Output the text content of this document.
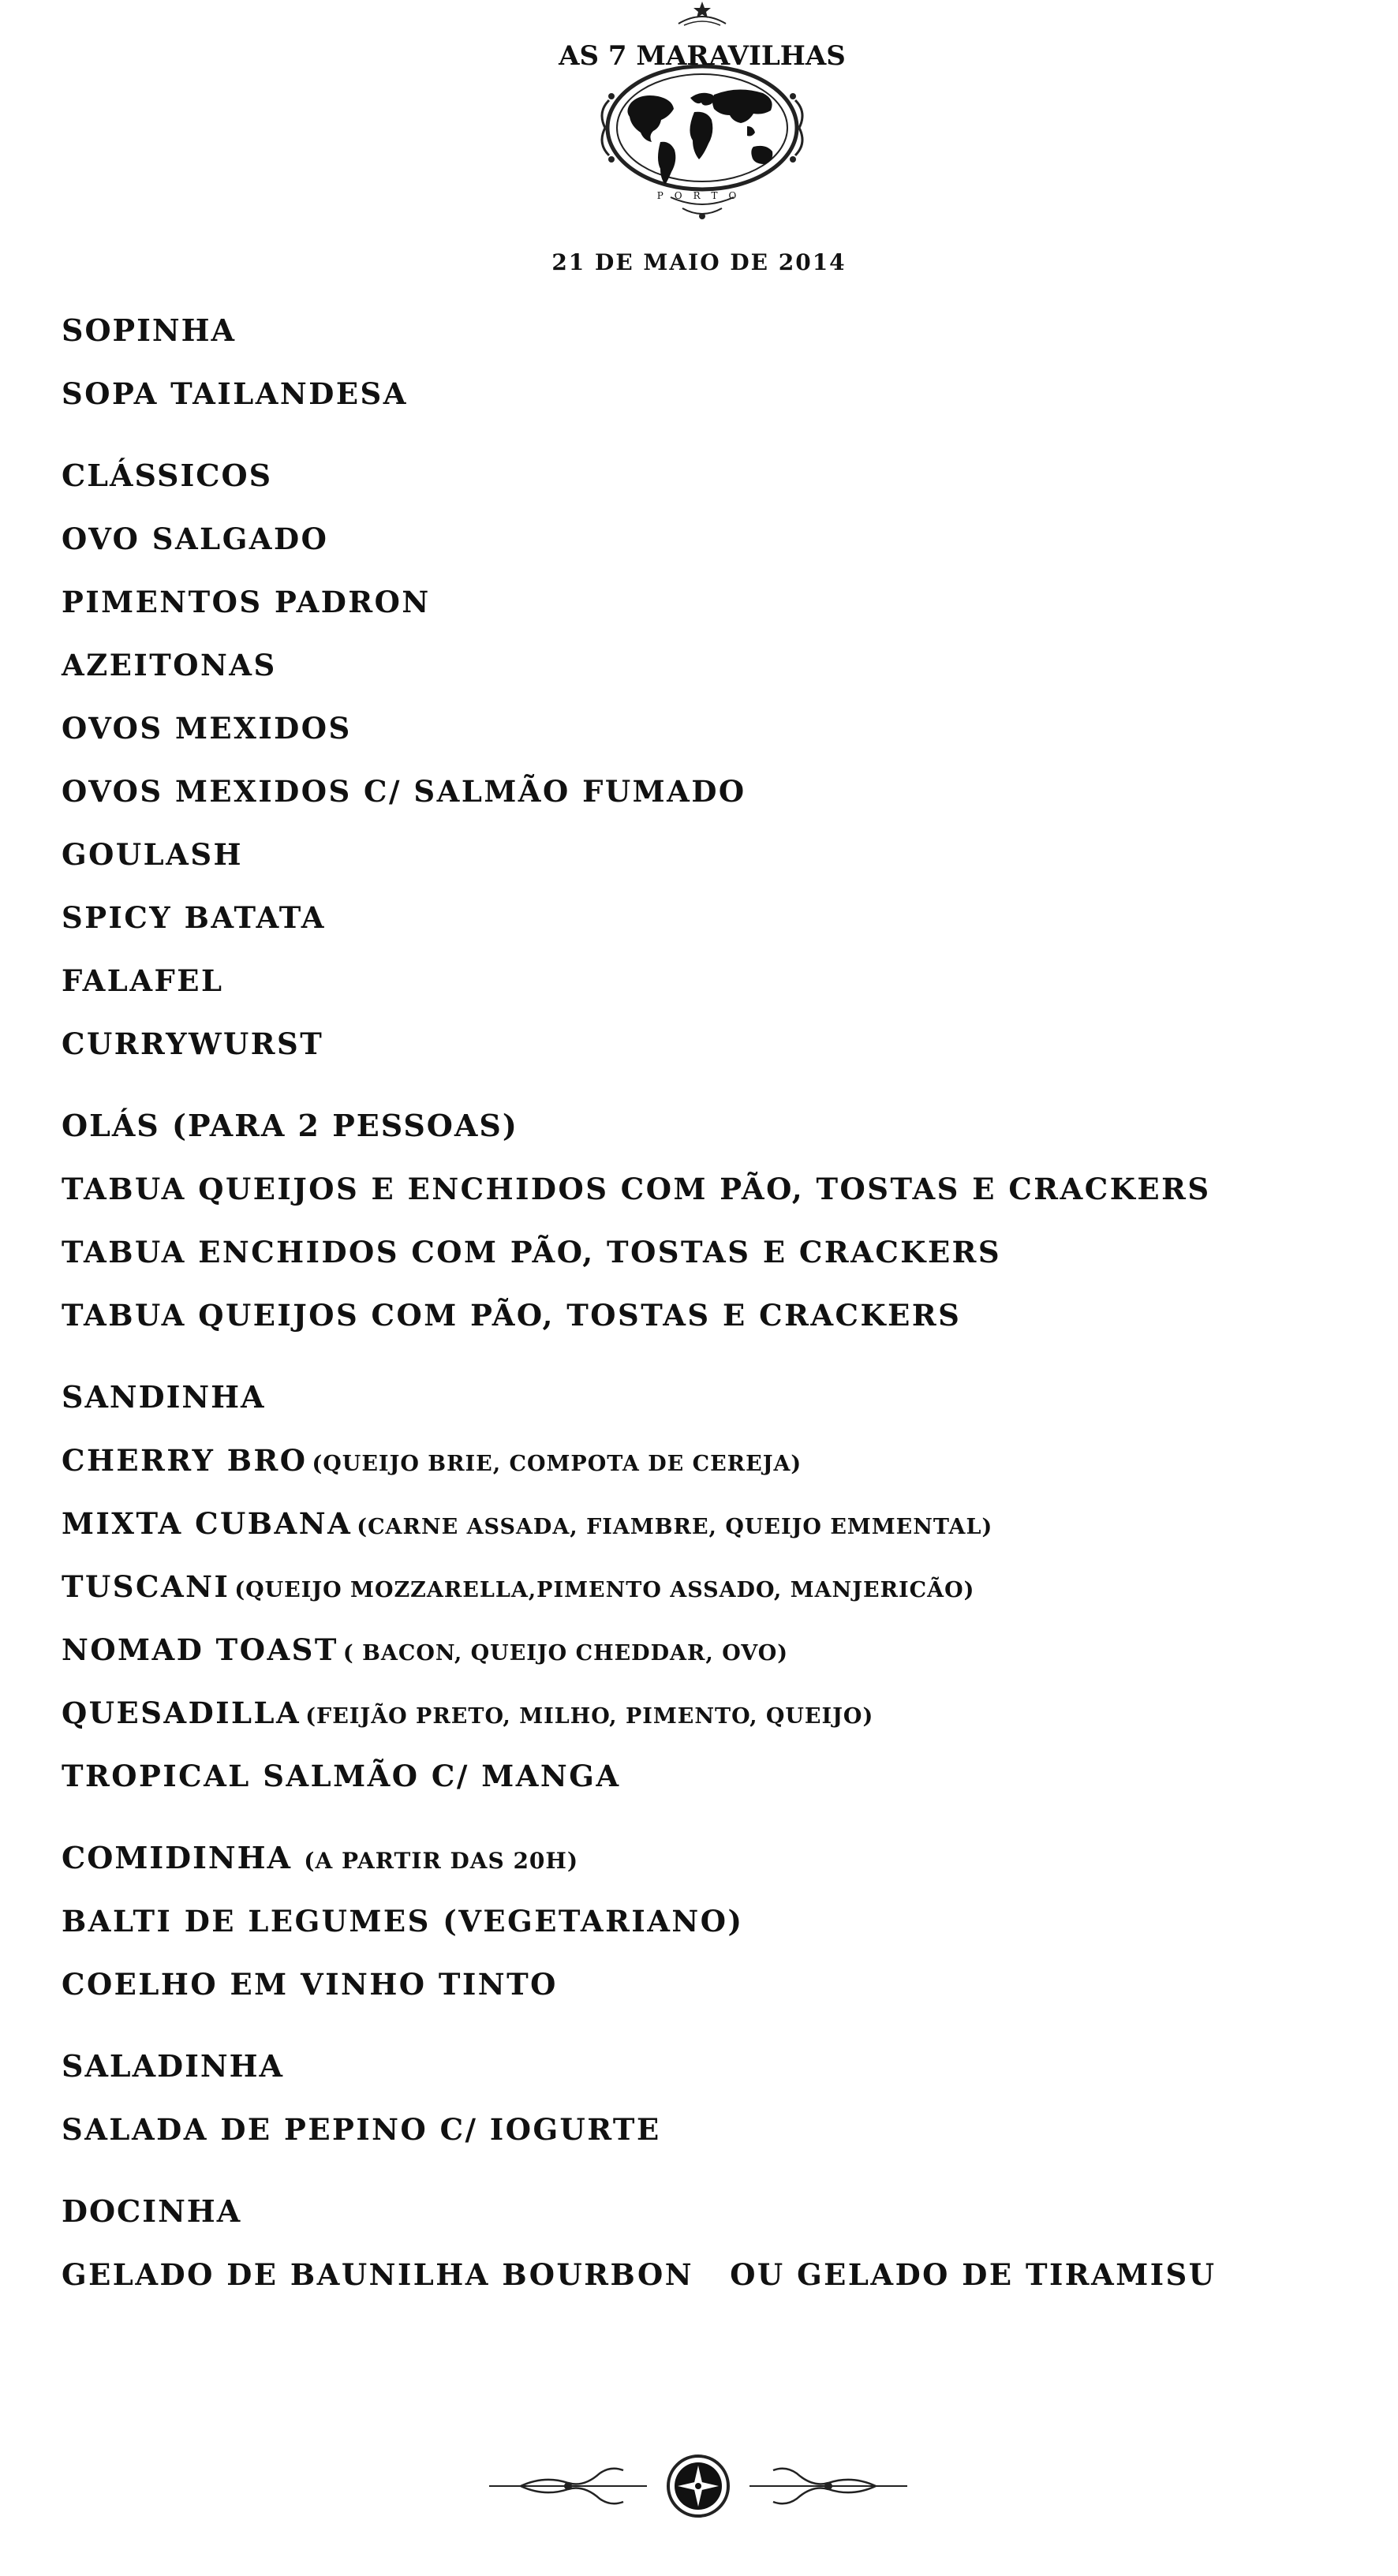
AS 7 MARAVILHAS
PORTO
21 DE MAIO DE 2014
SOPINHA
SOPA TAILANDESA
CLÁSSICOS
OVO SALGADO
PIMENTOS PADRON
AZEITONAS
OVOS MEXIDOS
OVOS MEXIDOS C/ SALMÃO FUMADO
GOULASH
SPICY BATATA
FALAFEL
CURRYWURST
OLÁS (PARA 2 PESSOAS)
TABUA QUEIJOS E ENCHIDOS COM PÃO, TOSTAS E CRACKERS
TABUA ENCHIDOS COM PÃO, TOSTAS E CRACKERS
TABUA QUEIJOS COM PÃO, TOSTAS E CRACKERS
SANDINHA
CHERRY BRO (QUEIJO BRIE, COMPOTA DE CEREJA)
MIXTA CUBANA (CARNE ASSADA, FIAMBRE, QUEIJO EMMENTAL)
TUSCANI (QUEIJO MOZZARELLA,PIMENTO ASSADO, MANJERICÃO)
NOMAD TOAST ( BACON, QUEIJO CHEDDAR, OVO)
QUESADILLA (FEIJÃO PRETO, MILHO, PIMENTO, QUEIJO)
TROPICAL SALMÃO C/ MANGA
COMIDINHA (A PARTIR DAS 20H)
BALTI DE LEGUMES (VEGETARIANO)
COELHO EM VINHO TINTO
SALADINHA
SALADA DE PEPINO C/ IOGURTE
DOCINHA
GELADO DE BAUNILHA BOURBON   OU GELADO DE TIRAMISU
